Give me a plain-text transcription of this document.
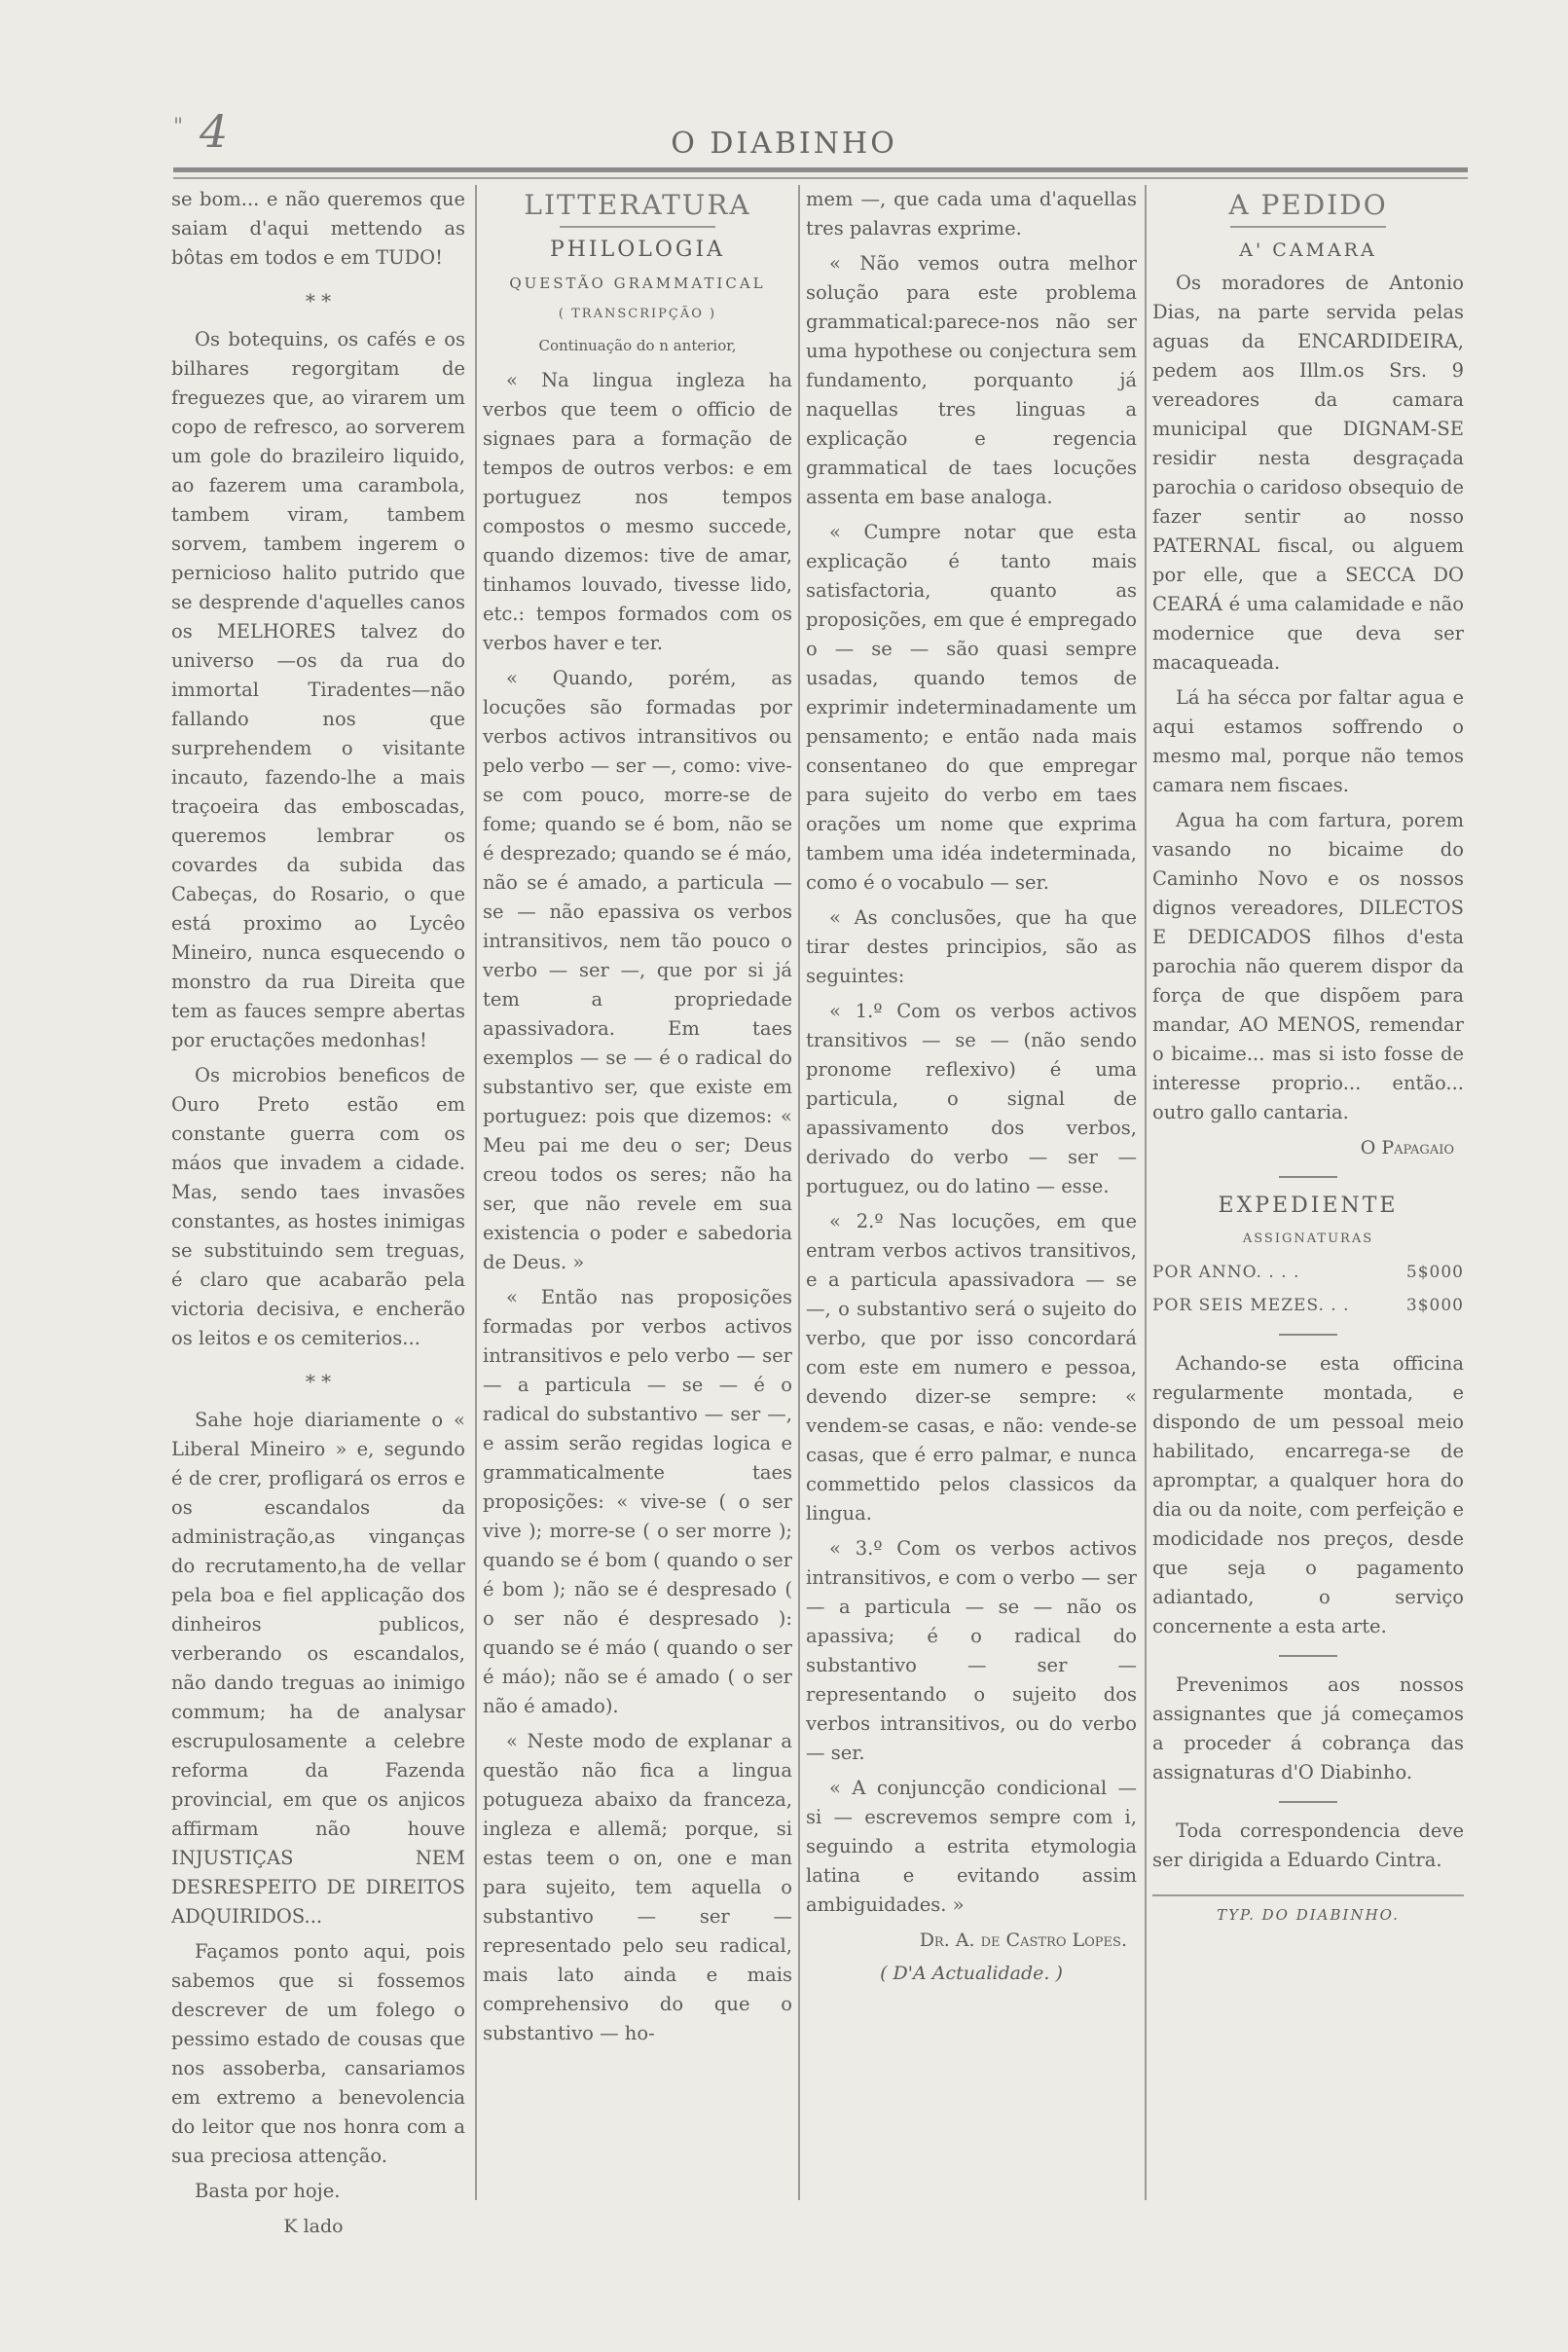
4
"	O DIABINHO

se bom... e não queremos que saiam d'aqui mettendo as bôtas em todos e em TUDO!

* *

Os botequins, os cafés e os bilhares regorgitam de freguezes que, ao virarem um copo de refresco, ao sorverem um gole do brazileiro liquido, ao fazerem uma carambola, tambem viram, tambem sorvem, tambem ingerem o pernicioso halito putrido que se desprende d'aquelles canos os MELHORES talvez do universo —os da rua do immortal Tiradentes—não fallando nos que surprehendem o visitante incauto, fazendo-lhe a mais traçoeira das emboscadas, queremos lembrar os covardes da subida das Cabeças, do Rosario, o que está proximo ao Lycêo Mineiro, nunca esquecendo o monstro da rua Direita que tem as fauces sempre abertas por eructações medonhas!

Os microbios beneficos de Ouro Preto estão em constante guerra com os máos que invadem a cidade. Mas, sendo taes invasões constantes, as hostes inimigas se substituindo sem treguas, é claro que acabarão pela victoria decisiva, e encherão os leitos e os cemiterios...

* *

Sahe hoje diariamente o « Liberal Mineiro » e, segundo é de crer, profligará os erros e os escandalos da administração,as vinganças do recrutamento,ha de vellar pela boa e fiel applicação dos dinheiros publicos, verberando os escandalos, não dando treguas ao inimigo commum; ha de analysar escrupulosamente a celebre reforma da Fazenda provincial, em que os anjicos affirmam não houve INJUSTIÇAS NEM DESRESPEITO DE DIREITOS ADQUIRIDOS...

Façamos ponto aqui, pois sabemos que si fossemos descrever de um folego o pessimo estado de cousas que nos assoberba, cansariamos em extremo a benevolencia do leitor que nos honra com a sua preciosa attenção.

Basta por hoje.

K lado
LITTERATURA
PHILOLOGIA
QUESTÃO GRAMMATICAL
( TRANSCRIPÇÃO )
Continuação do n anterior,

« Na lingua ingleza ha verbos que teem o officio de signaes para a formação de tempos de outros verbos: e em portuguez nos tempos compostos o mesmo succede, quando dizemos: tive de amar, tinhamos louvado, tivesse lido, etc.: tempos formados com os verbos haver e ter.

« Quando, porém, as locuções são formadas por verbos activos intransitivos ou pelo verbo — ser —, como: vive-se com pouco, morre-se de fome; quando se é bom, não se é desprezado; quando se é máo, não se é amado, a particula — se — não epassiva os verbos intransitivos, nem tão pouco o verbo — ser —, que por si já tem a propriedade apassivadora. Em taes exemplos — se — é o radical do substantivo ser, que existe em portuguez: pois que dizemos: « Meu pai me deu o ser; Deus creou todos os seres; não ha ser, que não revele em sua existencia o poder e sabedoria de Deus. »

« Então nas proposições formadas por verbos activos intransitivos e pelo verbo — ser — a particula — se — é o radical do substantivo — ser —, e assim serão regidas logica e grammaticalmente taes proposições: « vive-se ( o ser vive ); morre-se ( o ser morre ); quando se é bom ( quando o ser é bom ); não se é despresado ( o ser não é despresado ): quando se é máo ( quando o ser é máo); não se é amado ( o ser não é amado).

« Neste modo de explanar a questão não fica a lingua potugueza abaixo da franceza, ingleza e allemã; porque, si estas teem o on, one e man para sujeito, tem aquella o substantivo — ser — representado pelo seu radical, mais lato ainda e mais comprehensivo do que o substantivo — ho-

mem —, que cada uma d'aquellas tres palavras exprime.

« Não vemos outra melhor solução para este problema grammatical:parece-nos não ser uma hypothese ou conjectura sem fundamento, porquanto já naquellas tres linguas a explicação e regencia grammatical de taes locuções assenta em base analoga.

« Cumpre notar que esta explicação é tanto mais satisfactoria, quanto as proposições, em que é empregado o — se — são quasi sempre usadas, quando temos de exprimir indeterminadamente um pensamento; e então nada mais consentaneo do que empregar para sujeito do verbo em taes orações um nome que exprima tambem uma idéa indeterminada, como é o vocabulo — ser.

« As conclusões, que ha que tirar destes principios, são as seguintes:

« 1.º Com os verbos activos transitivos — se — (não sendo pronome reflexivo) é uma particula, o signal de apassivamento dos verbos, derivado do verbo — ser — portuguez, ou do latino — esse.

« 2.º Nas locuções, em que entram verbos activos transitivos, e a particula apassivadora — se —, o substantivo será o sujeito do verbo, que por isso concordará com este em numero e pessoa, devendo dizer-se sempre: « vendem-se casas, e não: vende-se casas, que é erro palmar, e nunca commettido pelos classicos da lingua.

« 3.º Com os verbos activos intransitivos, e com o verbo — ser — a particula — se — não os apassiva; é o radical do substantivo — ser — representando o sujeito dos verbos intransitivos, ou do verbo — ser.

« A conjuncção condicional — si — escrevemos sempre com i, seguindo a estrita etymologia latina e evitando assim ambiguidades. »

Dr. A. de Castro Lopes.
( D'A Actualidade. )
A PEDIDO
A' CAMARA

Os moradores de Antonio Dias, na parte servida pelas aguas da ENCARDIDEIRA, pedem aos Illm.os Srs. 9 vereadores da camara municipal que DIGNAM-SE residir nesta desgraçada parochia o caridoso obsequio de fazer sentir ao nosso PATERNAL fiscal, ou alguem por elle, que a SECCA DO CEARÁ é uma calamidade e não modernice que deva ser macaqueada.

Lá ha sécca por faltar agua e aqui estamos soffrendo o mesmo mal, porque não temos camara nem fiscaes.

Agua ha com fartura, porem vasando no bicaime do Caminho Novo e os nossos dignos vereadores, DILECTOS E DEDICADOS filhos d'esta parochia não querem dispor da força de que dispõem para mandar, AO MENOS, remendar o bicaime... mas si isto fosse de interesse proprio... então... outro gallo cantaria.

O Papagaio
EXPEDIENTE
ASSIGNATURAS
POR ANNO. . . .	5$000
POR SEIS MEZES. . .	3$000

Achando-se esta officina regularmente montada, e dispondo de um pessoal meio habilitado, encarrega-se de apromptar, a qualquer hora do dia ou da noite, com perfeição e modicidade nos preços, desde que seja o pagamento adiantado, o serviço concernente a esta arte.

Prevenimos aos nossos assignantes que já começamos a proceder á cobrança das assignaturas d'O Diabinho.

Toda correspondencia deve ser dirigida a Eduardo Cintra.

TYP. DO DIABINHO.
